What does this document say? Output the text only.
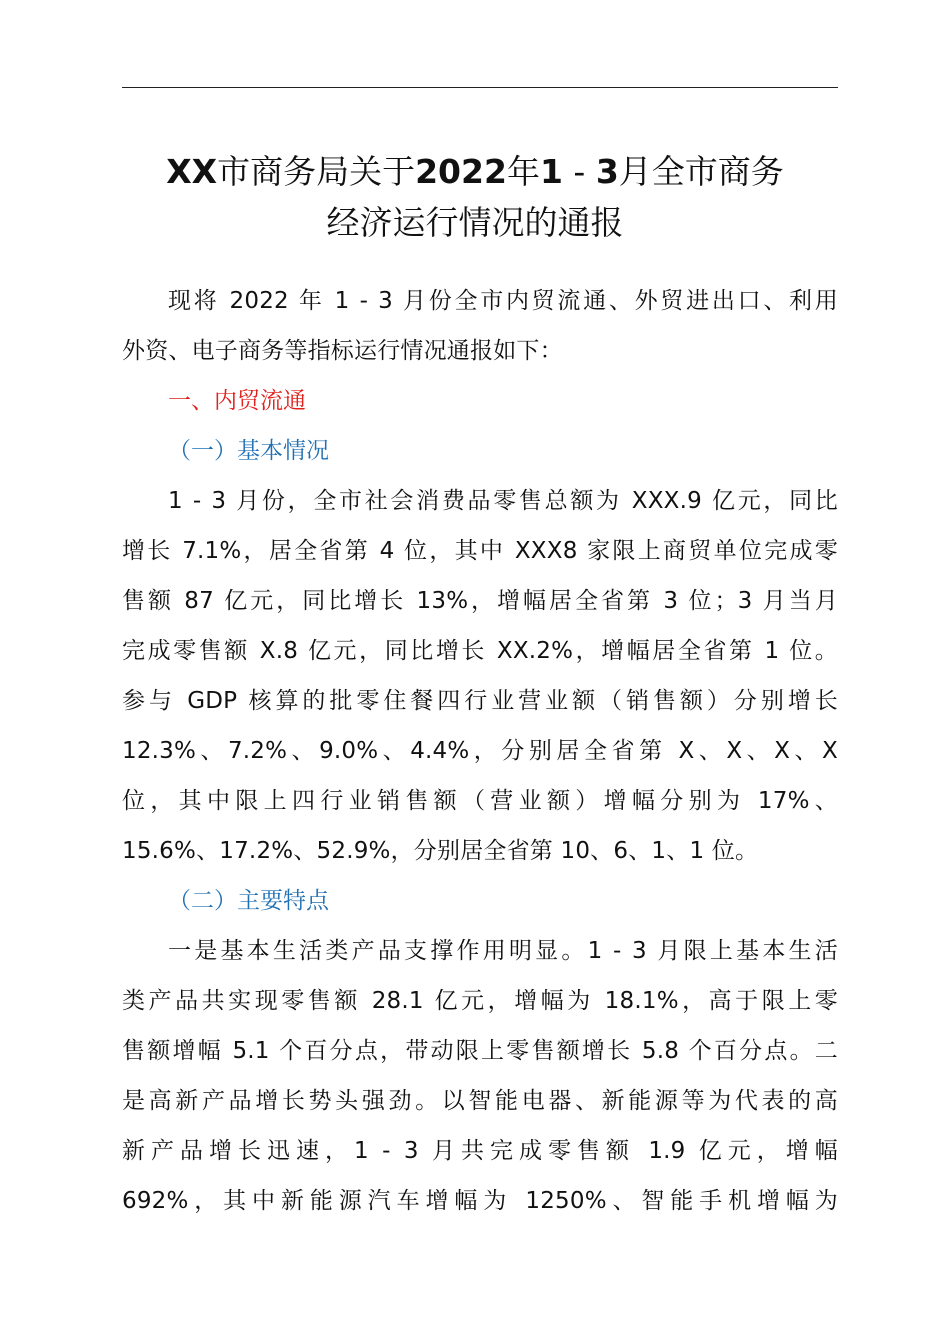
XX市商务局关于2022年1 - 3月全市商务
经济运行情况的通报
现将 2022 年 1 - 3 月份全市内贸流通、外贸进出口、利用
外资、电子商务等指标运行情况通报如下：
一、内贸流通
（一）基本情况
1 - 3 月份，全市社会消费品零售总额为 XXX.9 亿元，同比
增长 7.1%，居全省第 4 位，其中 XXX8 家限上商贸单位完成零
售额 87 亿元，同比增长 13%，增幅居全省第 3 位；3 月当月
完成零售额 X.8 亿元，同比增长 XX.2%，增幅居全省第 1 位。
参与 GDP 核算的批零住餐四行业营业额（销售额）分别增长
12.3%、7.2%、9.0%、4.4%，分别居全省第 X、X、X、X
位，其中限上四行业销售额（营业额）增幅分别为 17%、
15.6%、17.2%、52.9%，分别居全省第 10、6、1、1 位。
（二）主要特点
一是基本生活类产品支撑作用明显。1 - 3 月限上基本生活
类产品共实现零售额 28.1 亿元，增幅为 18.1%，高于限上零
售额增幅 5.1 个百分点，带动限上零售额增长 5.8 个百分点。二
是高新产品增长势头强劲。以智能电器、新能源等为代表的高
新产品增长迅速，1 - 3 月共完成零售额 1.9 亿元，增幅
692%，其中新能源汽车增幅为 1250%、智能手机增幅为
